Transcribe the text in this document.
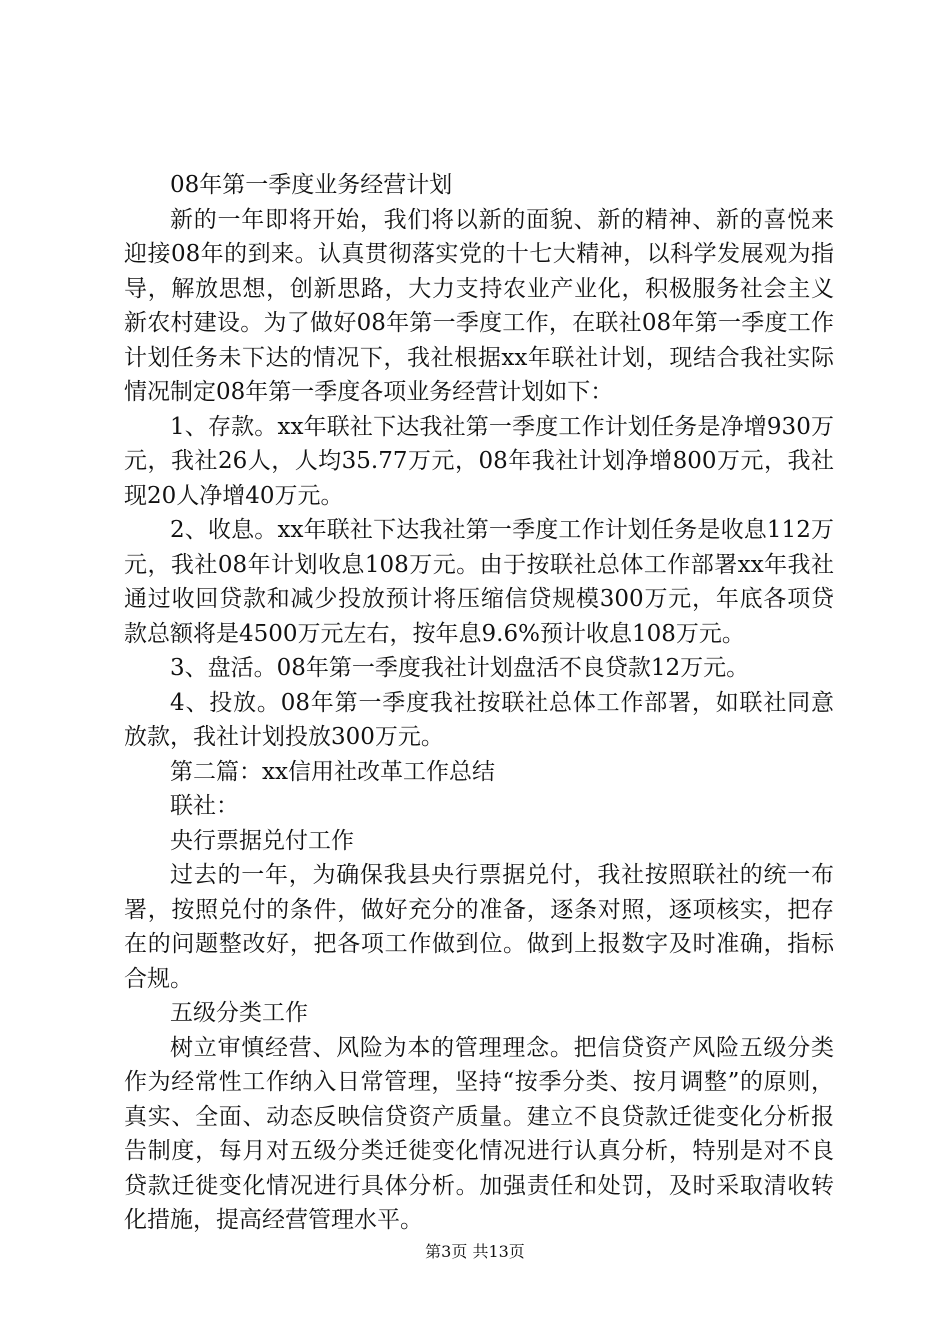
08年第一季度业务经营计划

新的一年即将开始，我们将以新的面貌、新的精神、新的喜悦来迎接08年的到来。认真贯彻落实党的十七大精神，以科学发展观为指导，解放思想，创新思路，大力支持农业产业化，积极服务社会主义新农村建设。为了做好08年第一季度工作，在联社08年第一季度工作计划任务未下达的情况下，我社根据xx年联社计划，现结合我社实际情况制定08年第一季度各项业务经营计划如下：

1、存款。xx年联社下达我社第一季度工作计划任务是净增930万元，我社26人，人均35.77万元，08年我社计划净增800万元，我社现20人净增40万元。

2、收息。xx年联社下达我社第一季度工作计划任务是收息112万元，我社08年计划收息108万元。由于按联社总体工作部署xx年我社通过收回贷款和减少投放预计将压缩信贷规模300万元，年底各项贷款总额将是4500万元左右，按年息9.6%预计收息108万元。

3、盘活。08年第一季度我社计划盘活不良贷款12万元。

4、投放。08年第一季度我社按联社总体工作部署，如联社同意放款，我社计划投放300万元。

第二篇：xx信用社改革工作总结

联社：

央行票据兑付工作

过去的一年，为确保我县央行票据兑付，我社按照联社的统一布署，按照兑付的条件，做好充分的准备，逐条对照，逐项核实，把存在的问题整改好，把各项工作做到位。做到上报数字及时准确，指标合规。

五级分类工作

树立审慎经营、风险为本的管理理念。把信贷资产风险五级分类作为经常性工作纳入日常管理，坚持“按季分类、按月调整”的原则，真实、全面、动态反映信贷资产质量。建立不良贷款迁徙变化分析报告制度，每月对五级分类迁徙变化情况进行认真分析，特别是对不良贷款迁徙变化情况进行具体分析。加强责任和处罚，及时采取清收转化措施，提高经营管理水平。

第3页 共13页
